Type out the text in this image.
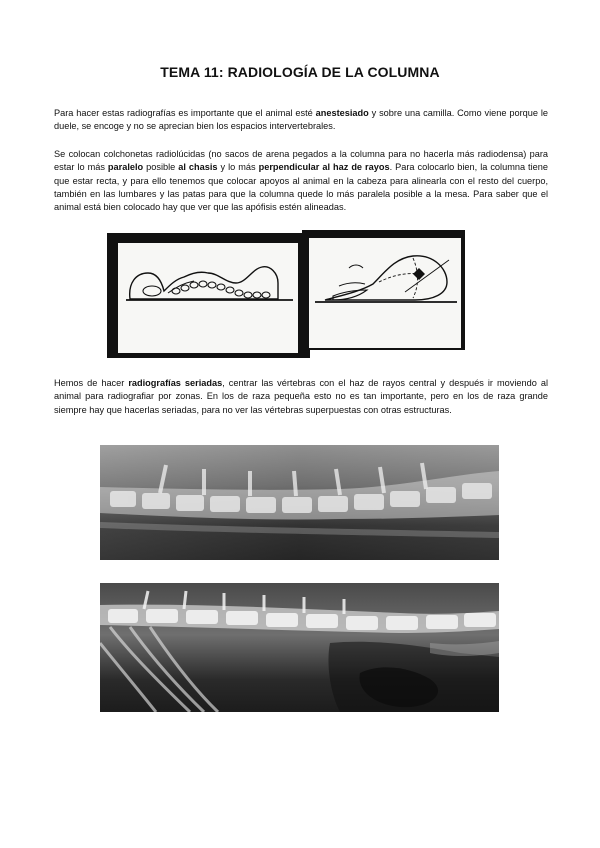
TEMA 11: RADIOLOGÍA DE LA COLUMNA

Para hacer estas radiografías es importante que el animal esté anestesiado y sobre una camilla. Como viene porque le duele, se encoge y no se aprecian bien los espacios intervertebrales.

Se colocan colchonetas radiolúcidas (no sacos de arena pegados a la columna para no hacerla más radiodensa) para estar lo más paralelo posible al chasis y lo más perpendicular al haz de rayos. Para colocarlo bien, la columna tiene que estar recta, y para ello tenemos que colocar apoyos al animal en la cabeza para alinearla con el resto del cuerpo, también en las lumbares y las patas para que la columna quede lo más paralela posible a la mesa. Para saber que el animal está bien colocado hay que ver que las apófisis estén alineadas.

Hemos de hacer radiografías seriadas, centrar las vértebras con el haz de rayos central y después ir moviendo al animal para radiografiar por zonas. En los de raza pequeña esto no es tan importante, pero en los de raza grande siempre hay que hacerlas seriadas, para no ver las vértebras superpuestas con otras estructuras.
